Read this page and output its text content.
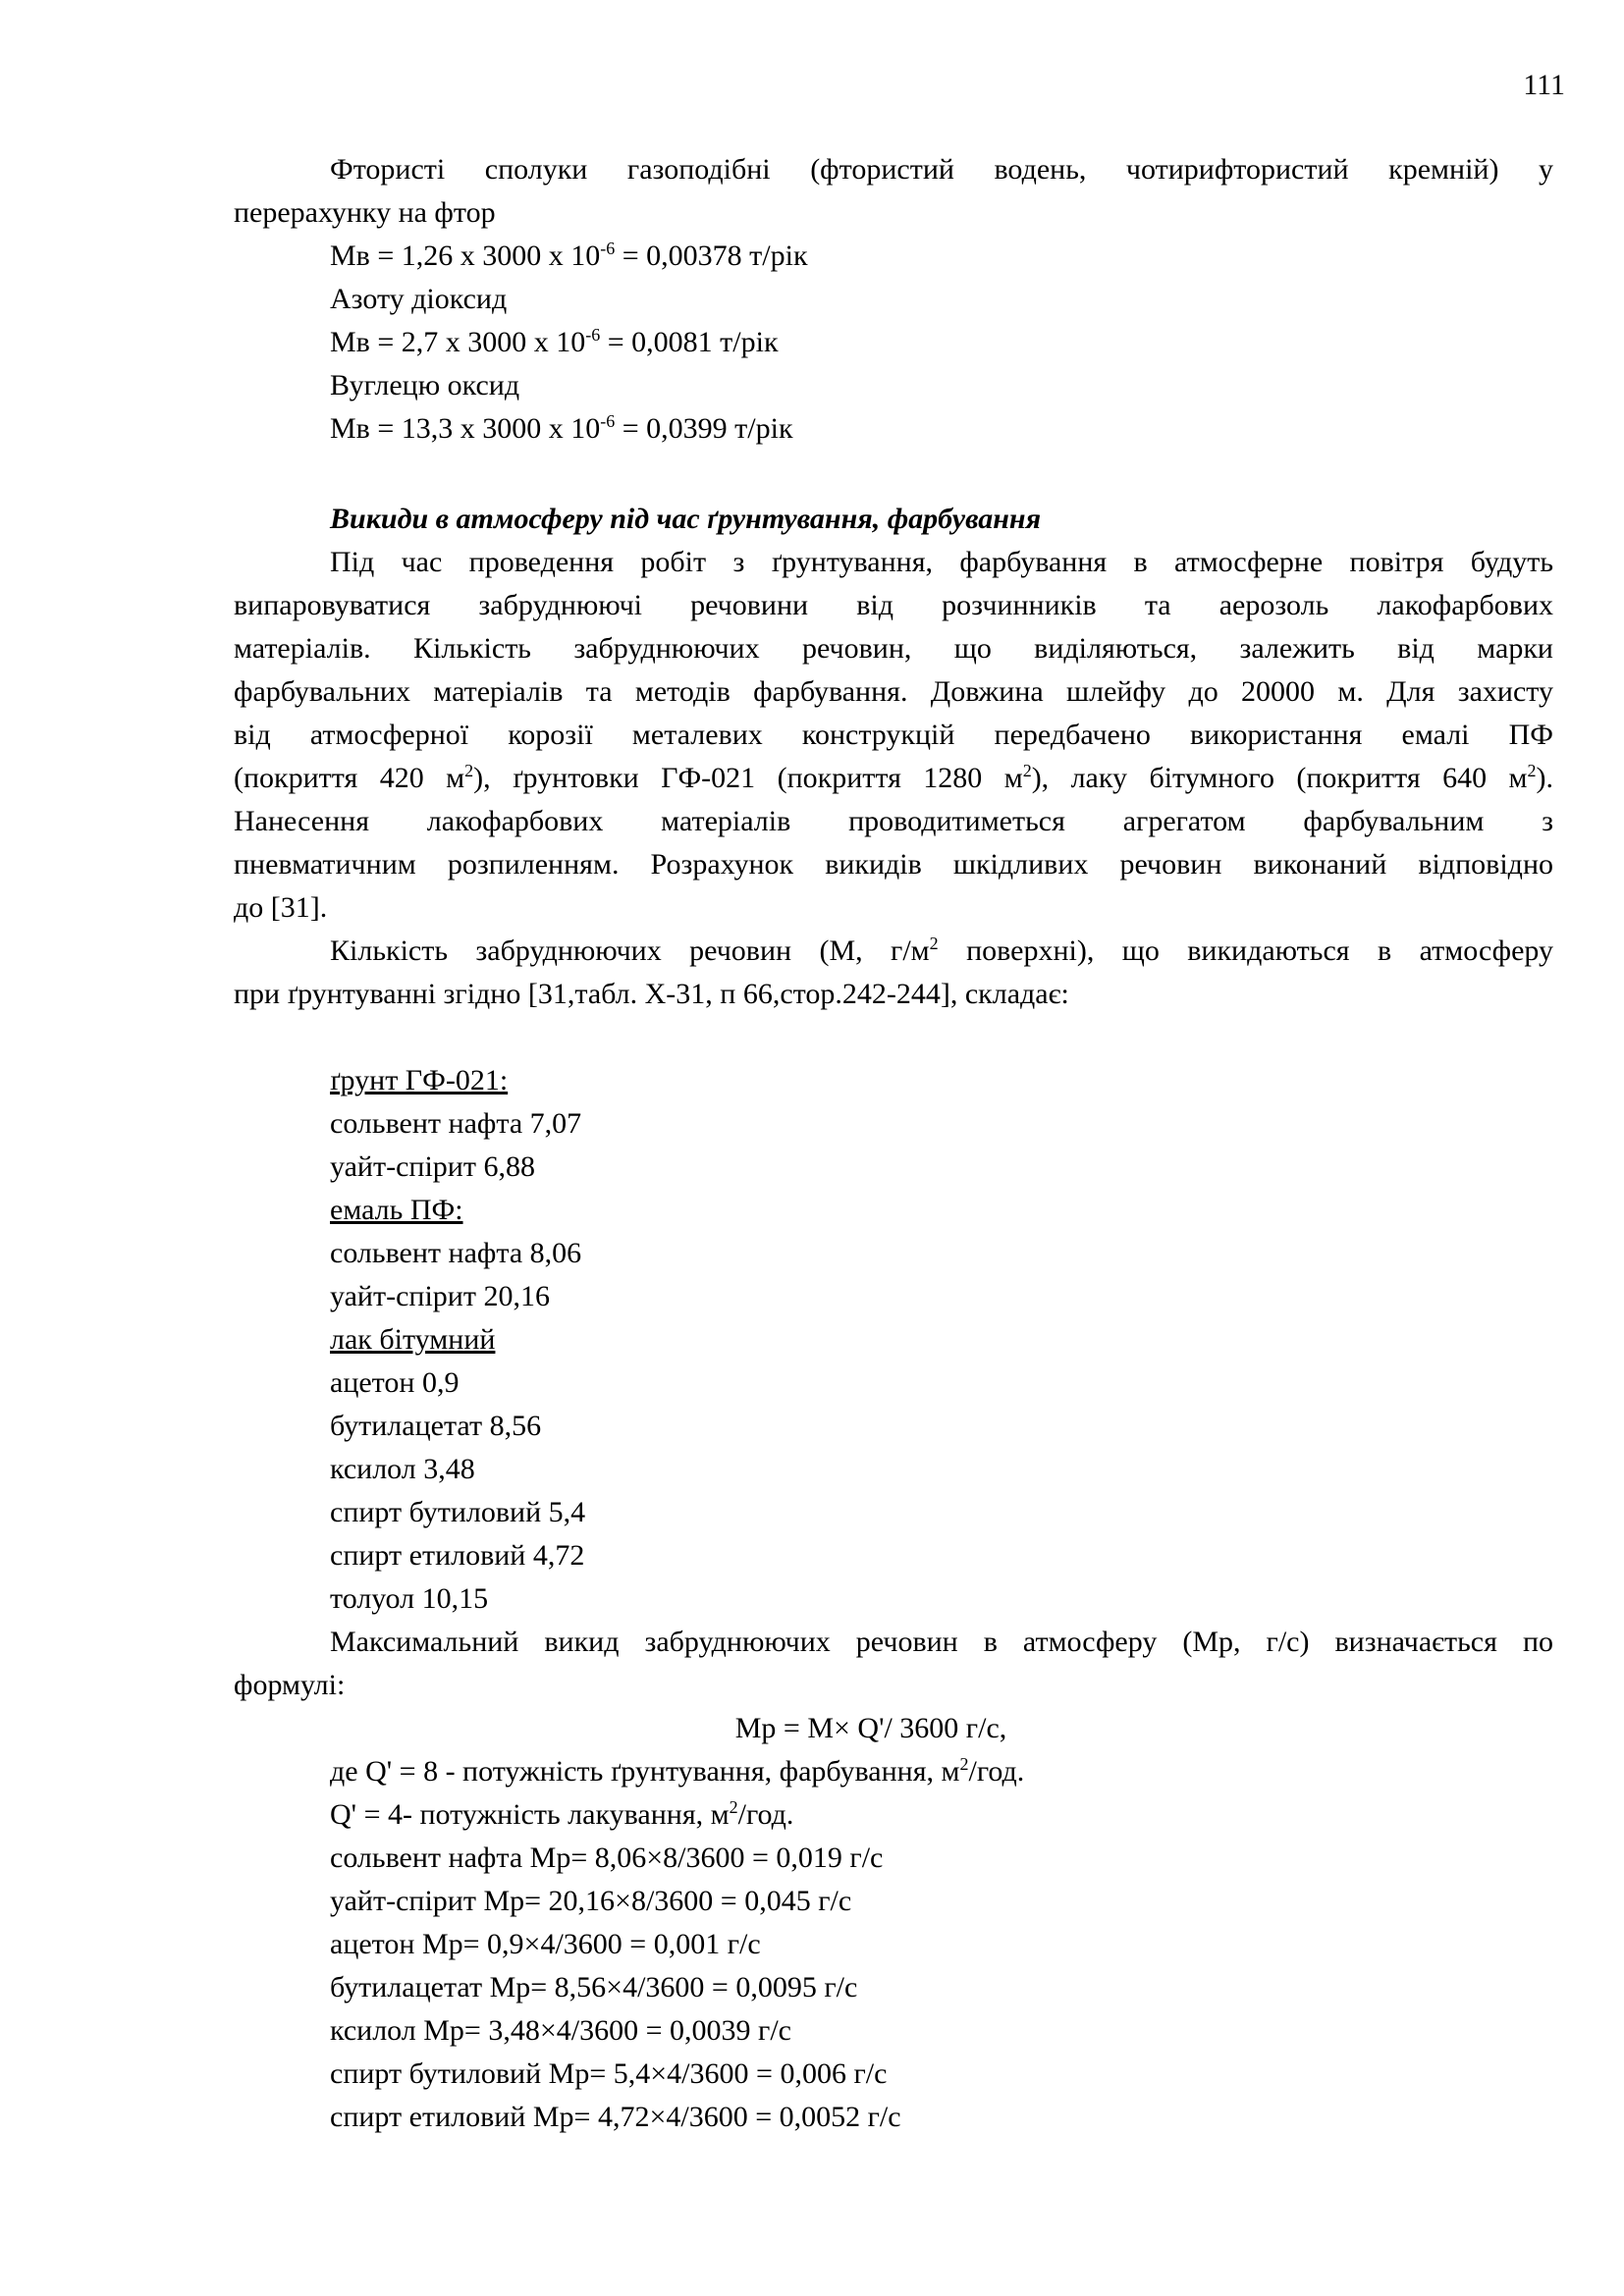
111
Фтористі сполуки газоподібні (фтористий водень, чотирифтористий кремній) у
перерахунку на фтор
Мв = 1,26 х 3000 х $10^{-6} = 0,00378$ т/рік
Азоту діоксид
Мв = 2,7 х 3000 х $10^{-6} = 0,0081$ т/рік
Вуглецю оксид
Мв = 13,3 х 3000 х $10^{-6} = 0,0399$ т/рік
Викиди в атмосферу під час ґрунтування, фарбування
Під час проведення робіт з ґрунтування, фарбування в атмосферне повітря будуть
випаровуватися забруднюючі речовини від розчинників та аерозоль лакофарбових
матеріалів. Кількість забруднюючих речовин, що виділяються, залежить від марки
фарбувальних матеріалів та методів фарбування. Довжина шлейфу до 20000 м. Для захисту
від атмосферної корозії металевих конструкцій передбачено використання емалі ПФ
(покриття 420 $м^2$), ґрунтовки ГФ-021 (покриття 1280 $м^2$), лаку бітумного (покриття 640 $м^2$).
Нанесення лакофарбових матеріалів проводитиметься агрегатом фарбувальним з
пневматичним розпиленням. Розрахунок викидів шкідливих речовин виконаний відповідно
до [31].
Кількість забруднюючих речовин (М, $г/м^2$ поверхні), що викидаються в атмосферу
при ґрунтуванні згідно [31,табл. Х-31, п 66,стор.242-244], складає:
ґрунт ГФ-021:
сольвент нафта 7,07
уайт-спірит 6,88
емаль ПФ:
сольвент нафта 8,06
уайт-спірит 20,16
лак бітумний
ацетон 0,9
бутилацетат 8,56
ксилол 3,48
спирт бутиловий 5,4
спирт етиловий 4,72
толуол 10,15
Максимальний викид забруднюючих речовин в атмосферу (Мр, г/с) визначається по
формулі:
Мр = М× Q'/ 3600 г/с,
де Q' = 8 - потужність ґрунтування, фарбування, $м^2$/год.
Q' = 4- потужність лакування, $м^2$/год.
сольвент нафта Мр= 8,06×8/3600 = 0,019 г/с
уайт-спірит Мр= 20,16×8/3600 = 0,045 г/с
ацетон Мр= 0,9×4/3600 = 0,001 г/с
бутилацетат Мр= 8,56×4/3600 = 0,0095 г/с
ксилол Мр= 3,48×4/3600 = 0,0039 г/с
спирт бутиловий Мр= 5,4×4/3600 = 0,006 г/с
спирт етиловий Мр= 4,72×4/3600 = 0,0052 г/с
